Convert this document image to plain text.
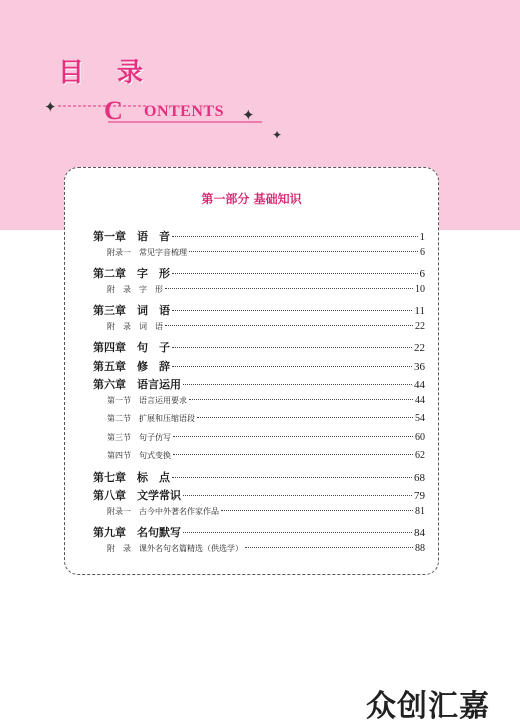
目 录
✦ C ONTENTS ✦
✦
第一部分 基础知识
第一章　语　音	1
附录一　常见字音梳理	6
第二章　字　形	6
附　录　字　形	10
第三章　词　语	11
附　录　词　语	22
第四章　句　子	22
第五章　修　辞	36
第六章　语言运用	44
第一节　语言运用要求	44
第二节　扩展和压缩语段	54
第三节　句子仿写	60
第四节　句式变换	62
第七章　标　点	68
第八章　文学常识	79
附录一　古今中外著名作家作品	81
第九章　名句默写	84
附　录　课外名句名篇精选（供选学）	88
众创汇嘉
